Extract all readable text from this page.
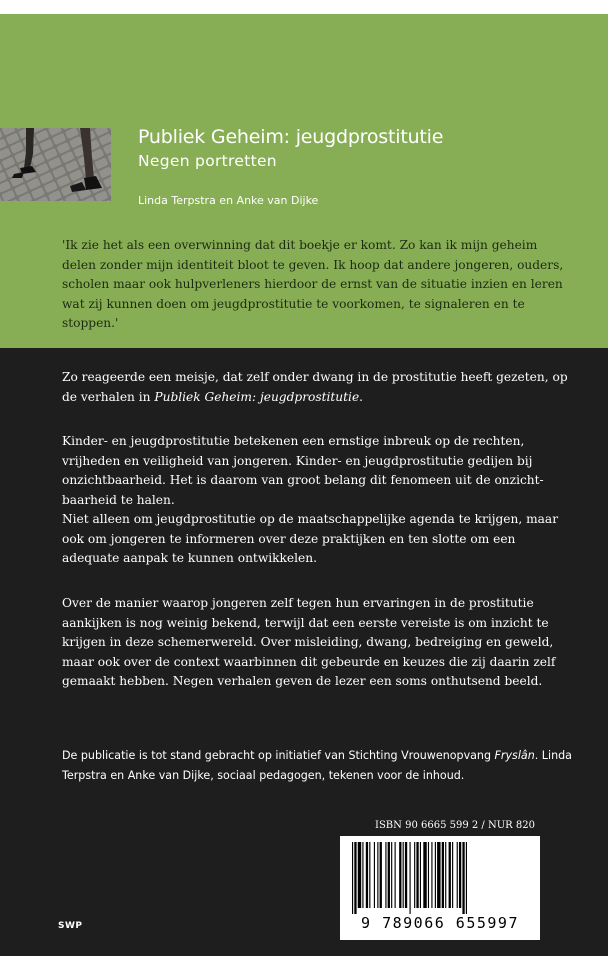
Publiek Geheim: jeugdprostitutie
Negen portretten
Linda Terpstra en Anke van Dijke
'Ik zie het als een overwinning dat dit boekje er komt. Zo kan ik mijn geheim delen zonder mijn identiteit bloot te geven. Ik hoop dat andere jongeren, ouders, scholen maar ook hulpverleners hierdoor de ernst van de situatie inzien en leren wat zij kunnen doen om jeugdprostitutie te voorkomen, te signaleren en te stoppen.'
Zo reageerde een meisje, dat zelf onder dwang in de prostitutie heeft gezeten, op de verhalen in Publiek Geheim: jeugdprostitutie.
Kinder- en jeugdprostitutie betekenen een ernstige inbreuk op de rechten, vrijheden en veiligheid van jongeren. Kinder- en jeugdprostitutie gedijen bij onzichtbaarheid. Het is daarom van groot belang dit fenomeen uit de onzicht-baarheid te halen.
Niet alleen om jeugdprostitutie op de maatschappelijke agenda te krijgen, maar ook om jongeren te informeren over deze praktijken en ten slotte om een adequate aanpak te kunnen ontwikkelen.
Over de manier waarop jongeren zelf tegen hun ervaringen in de prostitutie aankijken is nog weinig bekend, terwijl dat een eerste vereiste is om inzicht te krijgen in deze schemerwereld. Over misleiding, dwang, bedreiging en geweld, maar ook over de context waarbinnen dit gebeurde en keuzes die zij daarin zelf gemaakt hebben. Negen verhalen geven de lezer een soms onthutsend beeld.
De publicatie is tot stand gebracht op initiatief van Stichting Vrouwenopvang Fryslân. Linda Terpstra en Anke van Dijke, sociaal pedagogen, tekenen voor de inhoud.
ISBN 90 6665 599 2 / NUR 820
9 789066 655997
SWP
